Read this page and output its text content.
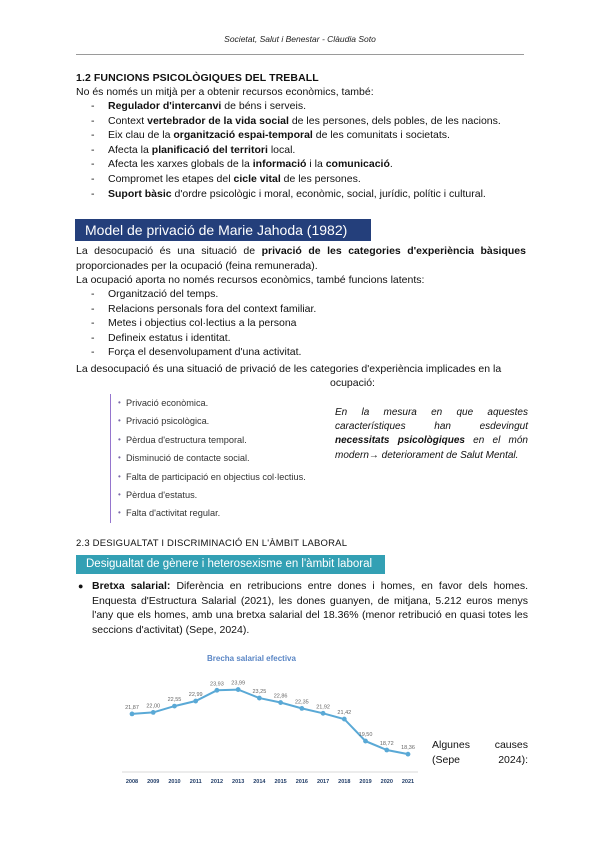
Societat, Salut i Benestar - Clàudia Soto
1.2 FUNCIONS PSICOLÒGIQUES DEL TREBALL
No és només un mitjà per a obtenir recursos econòmics, també:
- Regulador d'intercanvi de béns i serveis.
- Context vertebrador de la vida social de les persones, dels pobles, de les nacions.
- Eix clau de la organització espai-temporal de les comunitats i societats.
- Afecta la planificació del territori local.
- Afecta les xarxes globals de la informació i la comunicació.
- Compromet les etapes del cicle vital de les persones.
- Suport bàsic d'ordre psicològic i moral, econòmic, social, jurídic, polític i cultural.
Model de privació de Marie Jahoda (1982)
La desocupació és una situació de privació de les categories d'experiència bàsiques proporcionades per la ocupació (feina remunerada).
La ocupació aporta no només recursos econòmics, també funcions latents:
- Organització del temps.
- Relacions personals fora del context familiar.
- Metes i objectius col·lectius a la persona
- Defineix estatus i identitat.
- Força el desenvolupament d'una activitat.
La desocupació és una situació de privació de les categories d'experiència implicades en la
ocupació:
• Privació econòmica.
• Privació psicològica.
• Pèrdua d'estructura temporal.
• Disminució de contacte social.
• Falta de participació en objectius col·lectius.
• Pèrdua d'estatus.
• Falta d'activitat regular.
En la mesura en que aquestes característiques han esdevingut necessitats psicològiques en el món modern→ deteriorament de Salut Mental.
2.3 DESIGUALTAT I DISCRIMINACIÓ EN L'ÀMBIT LABORAL
Desigualtat de gènere i heterosexisme en l'àmbit laboral
● Bretxa salarial: Diferència en retribucions entre dones i homes, en favor dels homes. Enquesta d'Estructura Salarial (2021), les dones guanyen, de mitjana, 5.212 euros menys l'any que els homes, amb una bretxa salarial del 18.36% (menor retribució en quasi totes les seccions d'activitat) (Sepe, 2024).
Brecha salarial efectiva
21,87
2008
22,00
2009
22,55
2010
22,99
2011
23,93
2012
23,99
2013
23,25
2014
22,86
2015
22,35
2016
21,92
2017
21,42
2018
19,50
2019
18,72
2020
18,36
2021
Algunes causes (Sepe 2024):
